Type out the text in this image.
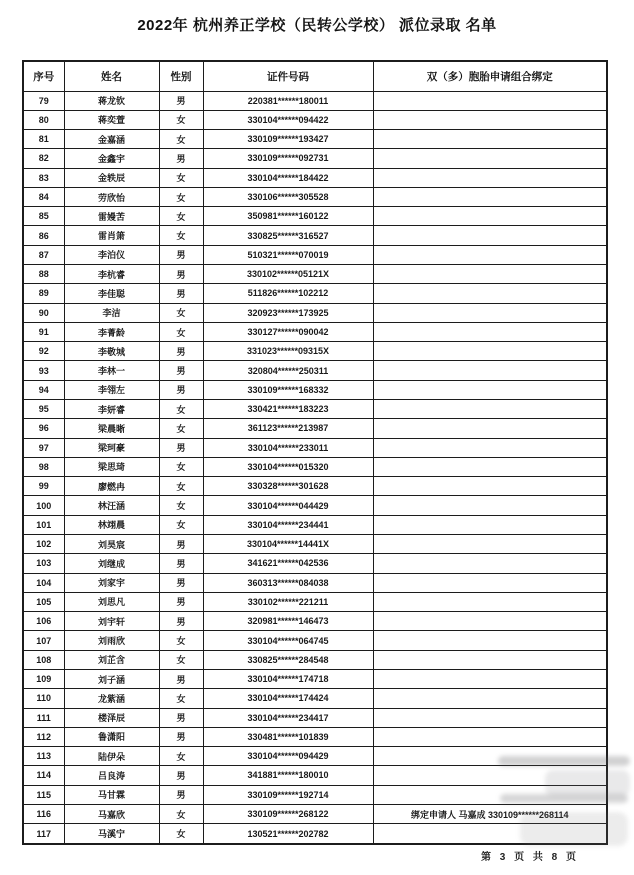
2022年 杭州养正学校（民转公学校） 派位录取 名单
序号	姓名	性别	证件号码	双（多）胞胎申请组合绑定
79	蒋龙钦	男	220381******180011	
80	蒋奕萱	女	330104******094422	
81	金嘉涵	女	330109******193427	
82	金鑫宇	男	330109******092731	
83	金轶辰	女	330104******184422	
84	劳欣怡	女	330106******305528	
85	雷嫚苦	女	350981******160122	
86	雷肖箫	女	330825******316527	
87	李泊仪	男	510321******070019	
88	李杭睿	男	330102******05121X	
89	李佳聪	男	511826******102212	
90	李洁	女	320923******173925	
91	李菁龄	女	330127******090042	
92	李敬城	男	331023******09315X	
93	李林一	男	320804******250311	
94	李翎左	男	330109******168332	
95	李妍睿	女	330421******183223	
96	梁晨晰	女	361123******213987	
97	梁珂豪	男	330104******233011	
98	梁思琦	女	330104******015320	
99	廖燃冉	女	330328******301628	
100	林汪涵	女	330104******044429	
101	林翊晨	女	330104******234441	
102	刘昊宸	男	330104******14441X	
103	刘继成	男	341621******042536	
104	刘家宇	男	360313******084038	
105	刘思凡	男	330102******221211	
106	刘宇轩	男	320981******146473	
107	刘雨欣	女	330104******064745	
108	刘芷含	女	330825******284548	
109	刘子涵	男	330104******174718	
110	龙紫涵	女	330104******174424	
111	楼泽辰	男	330104******234417	
112	鲁潇阳	男	330481******101839	
113	陆伊朵	女	330104******094429	
114	吕良涛	男	341881******180010	
115	马甘霖	男	330109******192714	
116	马嘉欣	女	330109******268122	绑定申请人 马嘉成 330109******268114
117	马溪宁	女	130521******202782	
第 3 页 共 8 页
